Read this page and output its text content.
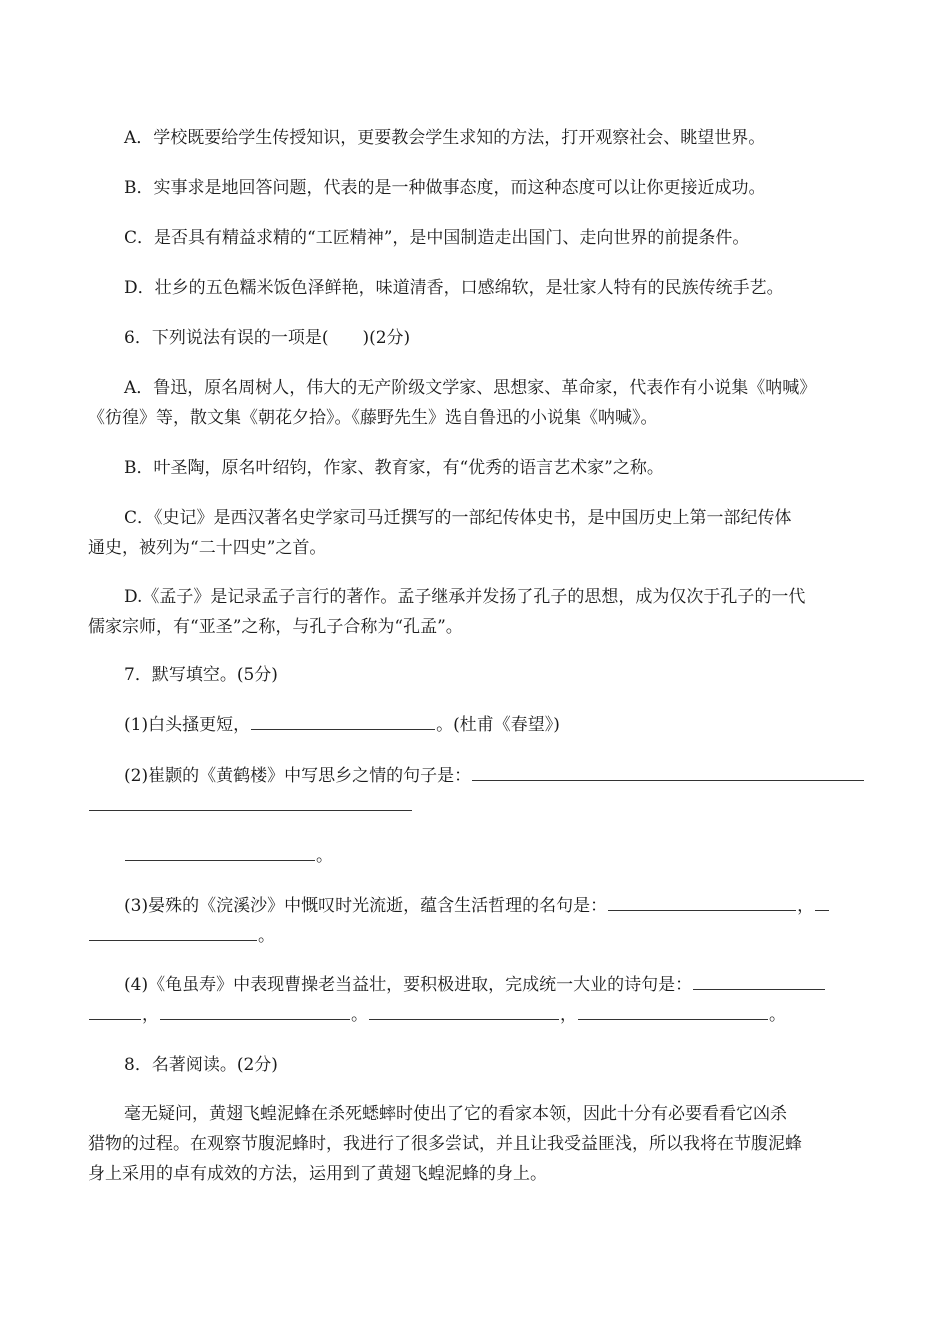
A．学校既要给学生传授知识，更要教会学生求知的方法，打开观察社会、眺望世界。
B．实事求是地回答问题，代表的是一种做事态度，而这种态度可以让你更接近成功。
C．是否具有精益求精的“工匠精神”，是中国制造走出国门、走向世界的前提条件。
D．壮乡的五色糯米饭色泽鲜艳，味道清香，口感绵软，是壮家人特有的民族传统手艺。
6．下列说法有误的一项是(　　)(2分)
A．鲁迅，原名周树人，伟大的无产阶级文学家、思想家、革命家，代表作有小说集《呐喊》
《彷徨》等，散文集《朝花夕拾》。《藤野先生》选自鲁迅的小说集《呐喊》。
B．叶圣陶，原名叶绍钧，作家、教育家，有“优秀的语言艺术家”之称。
C．《史记》是西汉著名史学家司马迁撰写的一部纪传体史书，是中国历史上第一部纪传体
通史，被列为“二十四史”之首。
D.《孟子》是记录孟子言行的著作。孟子继承并发扬了孔子的思想，成为仅次于孔子的一代
儒家宗师，有“亚圣”之称，与孔子合称为“孔孟”。
7．默写填空。(5分)
(1)白头搔更短，	。(杜甫《春望》)
(2)崔颢的《黄鹤楼》中写思乡之情的句子是：
。
(3)晏殊的《浣溪沙》中慨叹时光流逝，蕴含生活哲理的名句是：	，
。
(4)《龟虽寿》中表现曹操老当益壮，要积极进取，完成统一大业的诗句是：
，	。	，	。
8．名著阅读。(2分)
毫无疑问，黄翅飞蝗泥蜂在杀死蟋蟀时使出了它的看家本领，因此十分有必要看看它凶杀
猎物的过程。在观察节腹泥蜂时，我进行了很多尝试，并且让我受益匪浅，所以我将在节腹泥蜂
身上采用的卓有成效的方法，运用到了黄翅飞蝗泥蜂的身上。
